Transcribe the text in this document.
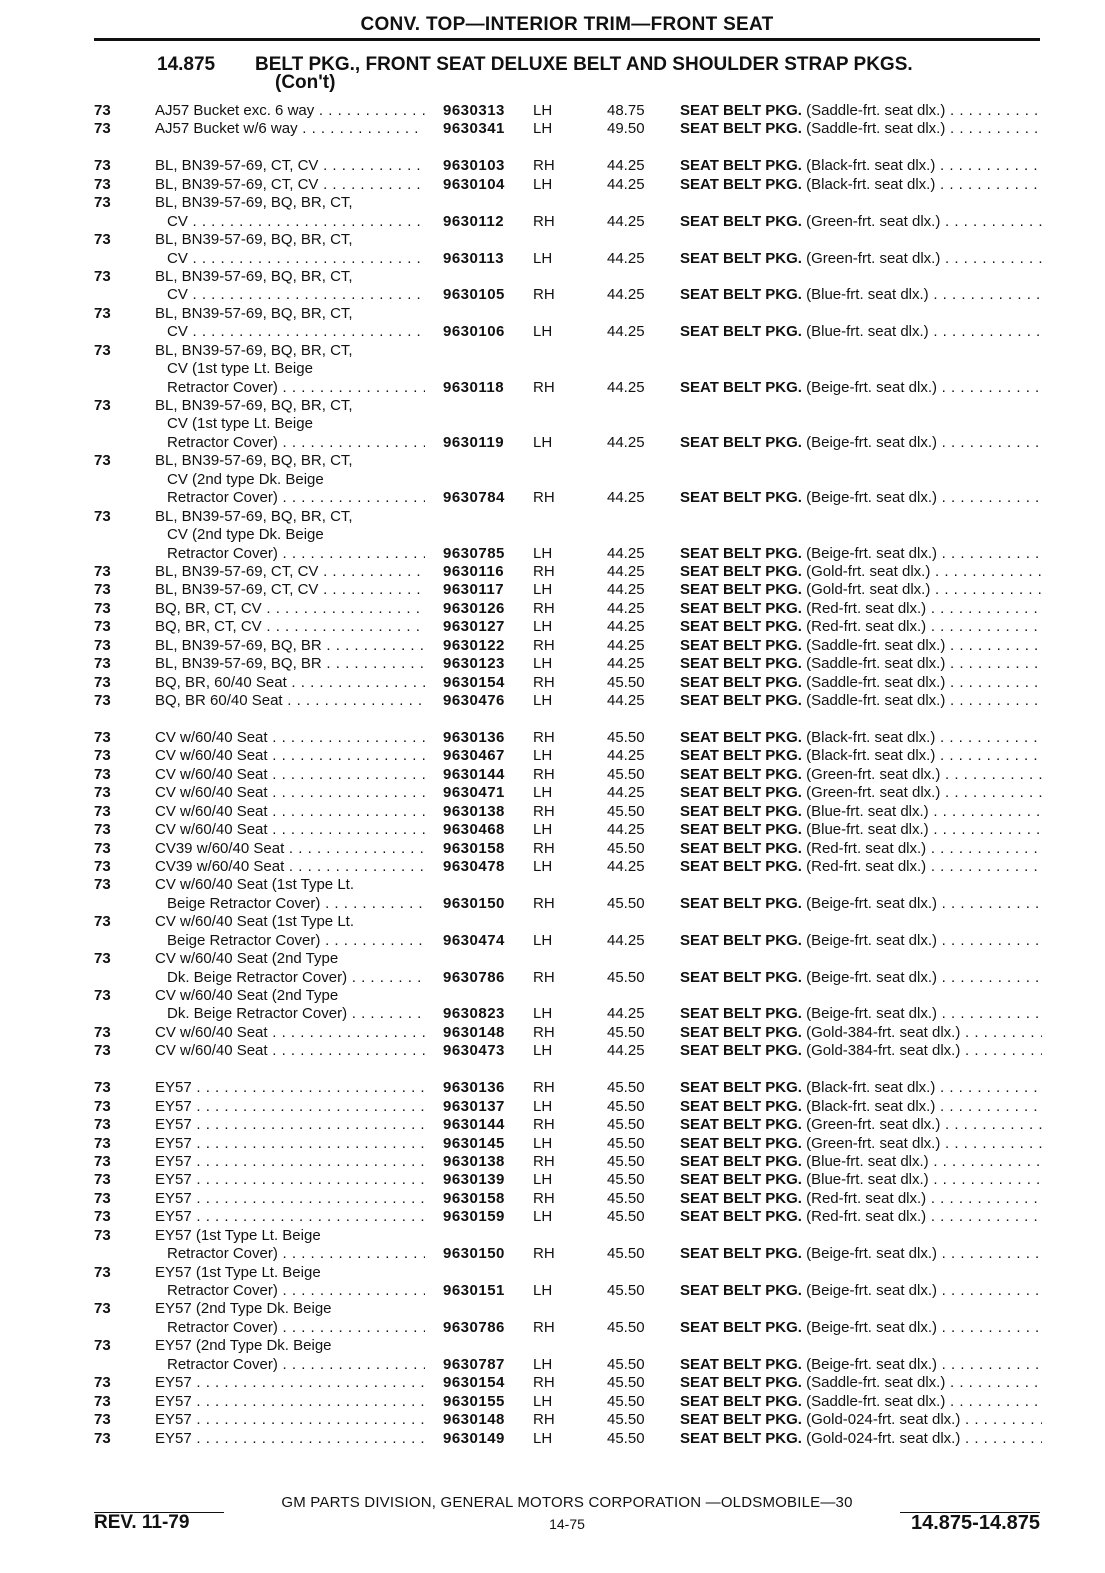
CONV. TOP—INTERIOR TRIM—FRONT SEAT
14.875 BELT PKG., FRONT SEAT DELUXE BELT AND SHOULDER STRAP PKGS.
(Con't)
73	AJ57 Bucket exc. 6 way . . .	9630313 LH	48.75 SEAT BELT PKG. (Saddle-frt. seat dlx.) . . .
73	AJ57 Bucket w/6 way . . .	9630341 LH	49.50 SEAT BELT PKG. (Saddle-frt. seat dlx.) . . .
73	BL, BN39-57-69, CT, CV . . .	9630103 RH	44.25 SEAT BELT PKG. (Black-frt. seat dlx.) . . .
73	BL, BN39-57-69, CT, CV . . .	9630104 LH	44.25 SEAT BELT PKG. (Black-frt. seat dlx.) . . .
73	BL, BN39-57-69, BQ, BR, CT,
CV . . .	9630112 RH	44.25 SEAT BELT PKG. (Green-frt. seat dlx.) . . .
73	BL, BN39-57-69, BQ, BR, CT,
CV . . .	9630113 LH	44.25 SEAT BELT PKG. (Green-frt. seat dlx.) . . .
73	BL, BN39-57-69, BQ, BR, CT,
CV . . .	9630105 RH	44.25 SEAT BELT PKG. (Blue-frt. seat dlx.) . . .
73	BL, BN39-57-69, BQ, BR, CT,
CV . . .	9630106 LH	44.25 SEAT BELT PKG. (Blue-frt. seat dlx.) . . .
73	BL, BN39-57-69, BQ, BR, CT,
CV (1st type Lt. Beige
Retractor Cover) . . .	9630118 RH	44.25 SEAT BELT PKG. (Beige-frt. seat dlx.) . . .
73	BL, BN39-57-69, BQ, BR, CT,
CV (1st type Lt. Beige
Retractor Cover) . . .	9630119 LH	44.25 SEAT BELT PKG. (Beige-frt. seat dlx.) . . .
73	BL, BN39-57-69, BQ, BR, CT,
CV (2nd type Dk. Beige
Retractor Cover) . . .	9630784 RH	44.25 SEAT BELT PKG. (Beige-frt. seat dlx.) . . .
73	BL, BN39-57-69, BQ, BR, CT,
CV (2nd type Dk. Beige
Retractor Cover) . . .	9630785 LH	44.25 SEAT BELT PKG. (Beige-frt. seat dlx.) . . .
73	BL, BN39-57-69, CT, CV . . .	9630116 RH	44.25 SEAT BELT PKG. (Gold-frt. seat dlx.) . . .
73	BL, BN39-57-69, CT, CV . . .	9630117 LH	44.25 SEAT BELT PKG. (Gold-frt. seat dlx.) . . .
73	BQ, BR, CT, CV . . .	9630126 RH	44.25 SEAT BELT PKG. (Red-frt. seat dlx.) . . .
73	BQ, BR, CT, CV . . .	9630127 LH	44.25 SEAT BELT PKG. (Red-frt. seat dlx.) . . .
73	BL, BN39-57-69, BQ, BR . . .	9630122 RH	44.25 SEAT BELT PKG. (Saddle-frt. seat dlx.) . . .
73	BL, BN39-57-69, BQ, BR . . .	9630123 LH	44.25 SEAT BELT PKG. (Saddle-frt. seat dlx.) . . .
73	BQ, BR, 60/40 Seat . . .	9630154 RH	45.50 SEAT BELT PKG. (Saddle-frt. seat dlx.) . . .
73	BQ, BR 60/40 Seat . . .	9630476 LH	44.25 SEAT BELT PKG. (Saddle-frt. seat dlx.) . . .
73	CV w/60/40 Seat . . .	9630136 RH	45.50 SEAT BELT PKG. (Black-frt. seat dlx.) . . .
73	CV w/60/40 Seat . . .	9630467 LH	44.25 SEAT BELT PKG. (Black-frt. seat dlx.) . . .
73	CV w/60/40 Seat . . .	9630144 RH	45.50 SEAT BELT PKG. (Green-frt. seat dlx.) . . .
73	CV w/60/40 Seat . . .	9630471 LH	44.25 SEAT BELT PKG. (Green-frt. seat dlx.) . . .
73	CV w/60/40 Seat . . .	9630138 RH	45.50 SEAT BELT PKG. (Blue-frt. seat dlx.) . . .
73	CV w/60/40 Seat . . .	9630468 LH	44.25 SEAT BELT PKG. (Blue-frt. seat dlx.) . . .
73	CV39 w/60/40 Seat . . .	9630158 RH	45.50 SEAT BELT PKG. (Red-frt. seat dlx.) . . .
73	CV39 w/60/40 Seat . . .	9630478 LH	44.25 SEAT BELT PKG. (Red-frt. seat dlx.) . . .
73	CV w/60/40 Seat (1st Type Lt.
Beige Retractor Cover) . . .	9630150 RH	45.50 SEAT BELT PKG. (Beige-frt. seat dlx.) . . .
73	CV w/60/40 Seat (1st Type Lt.
Beige Retractor Cover) . . .	9630474 LH	44.25 SEAT BELT PKG. (Beige-frt. seat dlx.) . . .
73	CV w/60/40 Seat (2nd Type
Dk. Beige Retractor Cover) . . .	9630786 RH	45.50 SEAT BELT PKG. (Beige-frt. seat dlx.) . . .
73	CV w/60/40 Seat (2nd Type
Dk. Beige Retractor Cover) . . .	9630823 LH	44.25 SEAT BELT PKG. (Beige-frt. seat dlx.) . . .
73	CV w/60/40 Seat . . .	9630148 RH	45.50 SEAT BELT PKG. (Gold-384-frt. seat dlx.) . . .
73	CV w/60/40 Seat . . .	9630473 LH	44.25 SEAT BELT PKG. (Gold-384-frt. seat dlx.) . . .
73	EY57 . . .	9630136 RH	45.50 SEAT BELT PKG. (Black-frt. seat dlx.) . . .
73	EY57 . . .	9630137 LH	45.50 SEAT BELT PKG. (Black-frt. seat dlx.) . . .
73	EY57 . . .	9630144 RH	45.50 SEAT BELT PKG. (Green-frt. seat dlx.) . . .
73	EY57 . . .	9630145 LH	45.50 SEAT BELT PKG. (Green-frt. seat dlx.) . . .
73	EY57 . . .	9630138 RH	45.50 SEAT BELT PKG. (Blue-frt. seat dlx.) . . .
73	EY57 . . .	9630139 LH	45.50 SEAT BELT PKG. (Blue-frt. seat dlx.) . . .
73	EY57 . . .	9630158 RH	45.50 SEAT BELT PKG. (Red-frt. seat dlx.) . . .
73	EY57 . . .	9630159 LH	45.50 SEAT BELT PKG. (Red-frt. seat dlx.) . . .
73	EY57 (1st Type Lt. Beige
Retractor Cover) . . .	9630150 RH	45.50 SEAT BELT PKG. (Beige-frt. seat dlx.) . . .
73	EY57 (1st Type Lt. Beige
Retractor Cover) . . .	9630151 LH	45.50 SEAT BELT PKG. (Beige-frt. seat dlx.) . . .
73	EY57 (2nd Type Dk. Beige
Retractor Cover) . . .	9630786 RH	45.50 SEAT BELT PKG. (Beige-frt. seat dlx.) . . .
73	EY57 (2nd Type Dk. Beige
Retractor Cover) . . .	9630787 LH	45.50 SEAT BELT PKG. (Beige-frt. seat dlx.) . . .
73	EY57 . . .	9630154 RH	45.50 SEAT BELT PKG. (Saddle-frt. seat dlx.) . . .
73	EY57 . . .	9630155 LH	45.50 SEAT BELT PKG. (Saddle-frt. seat dlx.) . . .
73	EY57 . . .	9630148 RH	45.50 SEAT BELT PKG. (Gold-024-frt. seat dlx.) . . .
73	EY57 . . .	9630149 LH	45.50 SEAT BELT PKG. (Gold-024-frt. seat dlx.) . . .
GM PARTS DIVISION, GENERAL MOTORS CORPORATION —OLDSMOBILE—30
REV. 11-79	14-75	14.875-14.875
